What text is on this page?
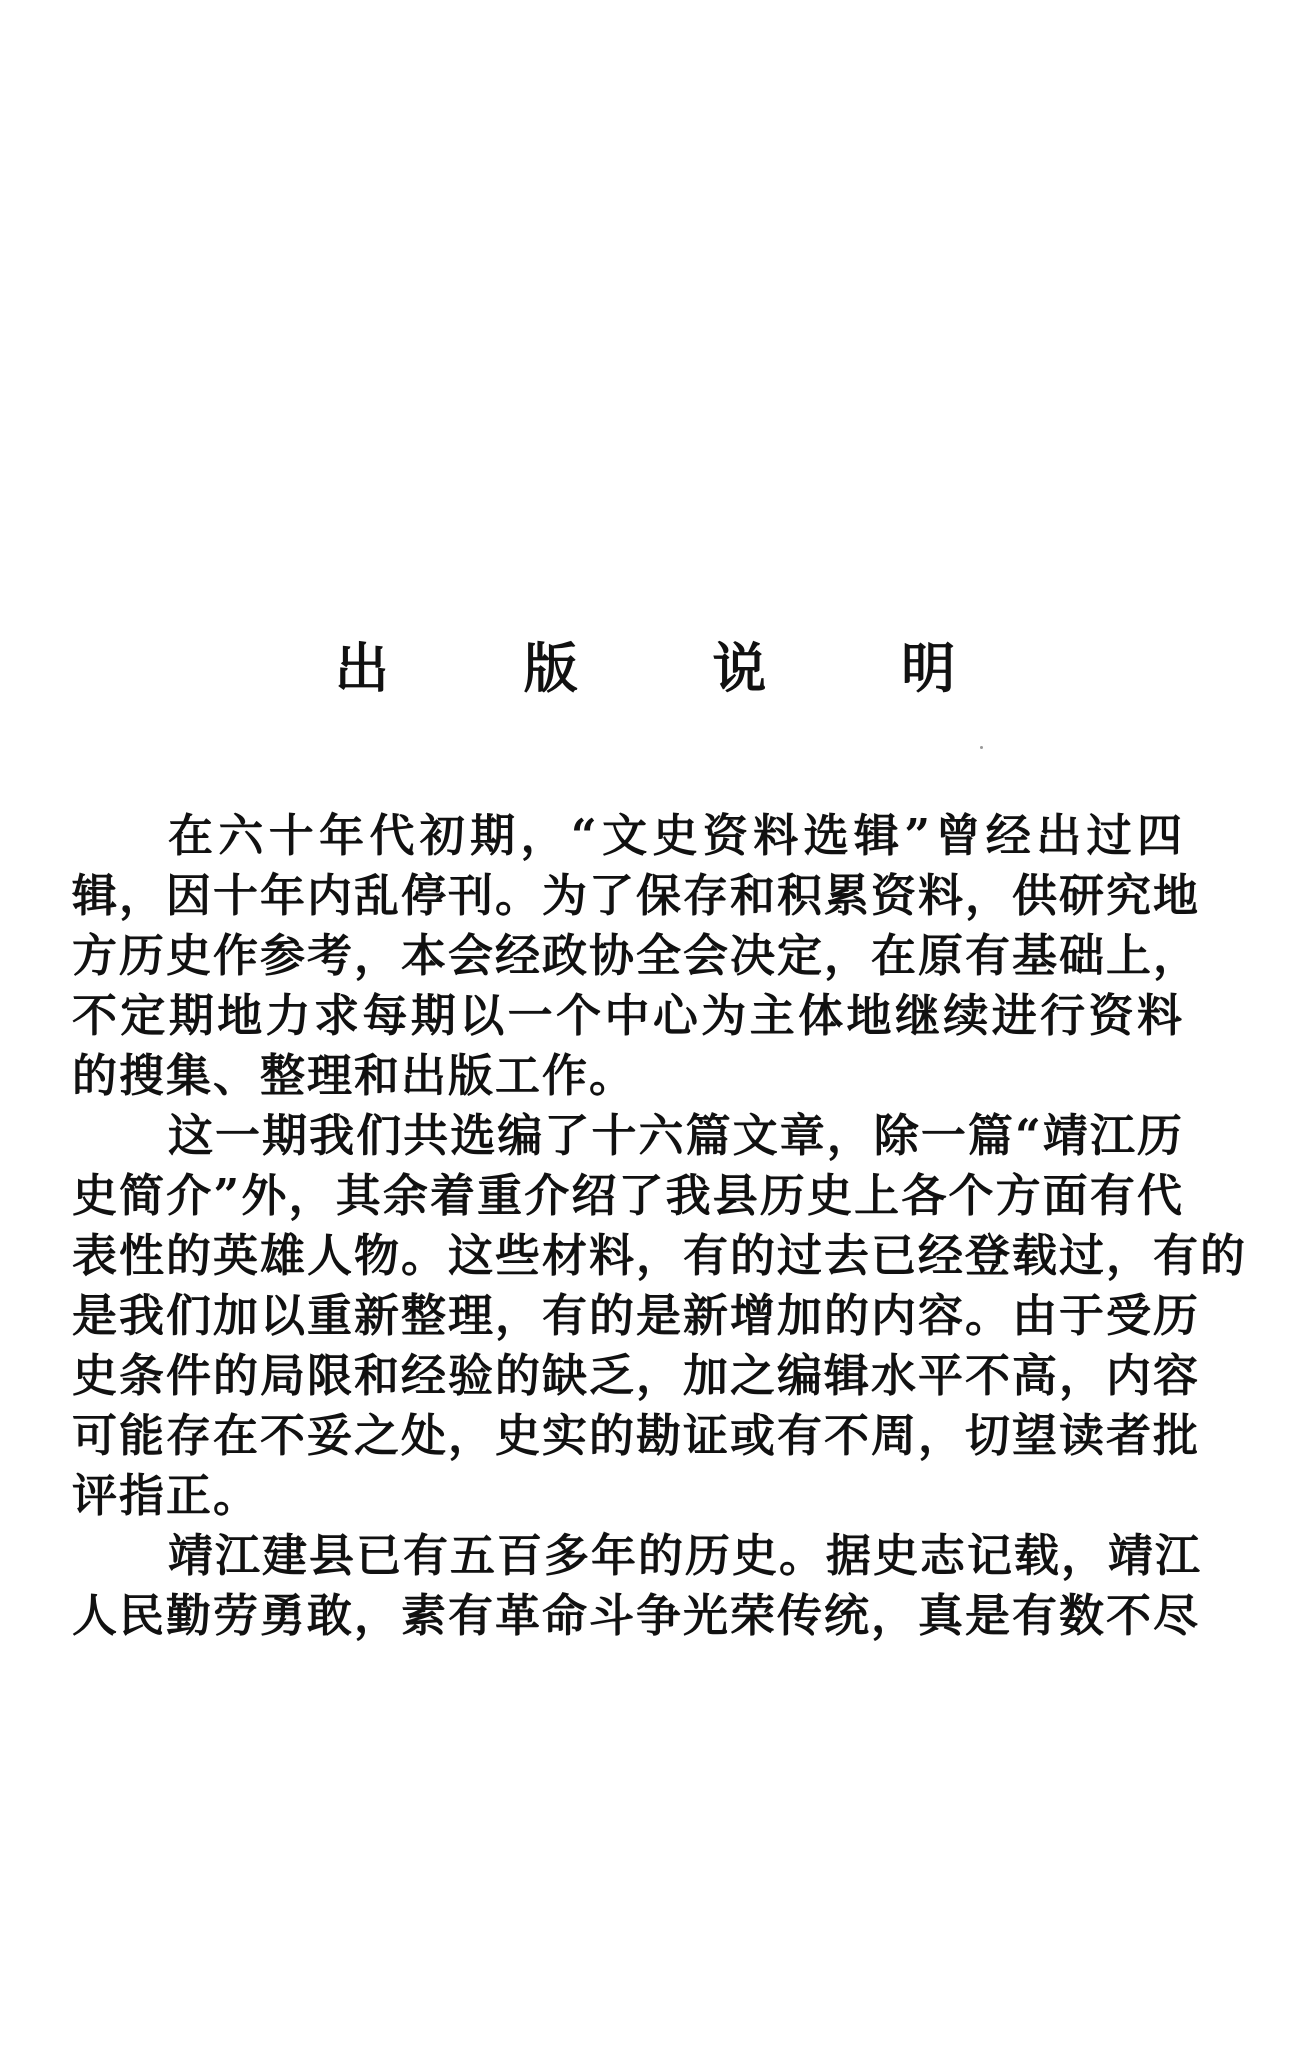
出 版 说 明
在六十年代初期，“文史资料选辑”曾经出过四
辑，因十年内乱停刊。为了保存和积累资料，供研究地
方历史作参考，本会经政协全会决定，在原有基础上，
不定期地力求每期以一个中心为主体地继续进行资料
的搜集、整理和出版工作。
这一期我们共选编了十六篇文章，除一篇“靖江历
史简介”外，其余着重介绍了我县历史上各个方面有代
表性的英雄人物。这些材料，有的过去已经登载过，有的
是我们加以重新整理，有的是新增加的内容。由于受历
史条件的局限和经验的缺乏，加之编辑水平不高，内容
可能存在不妥之处，史实的勘证或有不周，切望读者批
评指正。
靖江建县已有五百多年的历史。据史志记载，靖江
人民勤劳勇敢，素有革命斗争光荣传统，真是有数不尽
